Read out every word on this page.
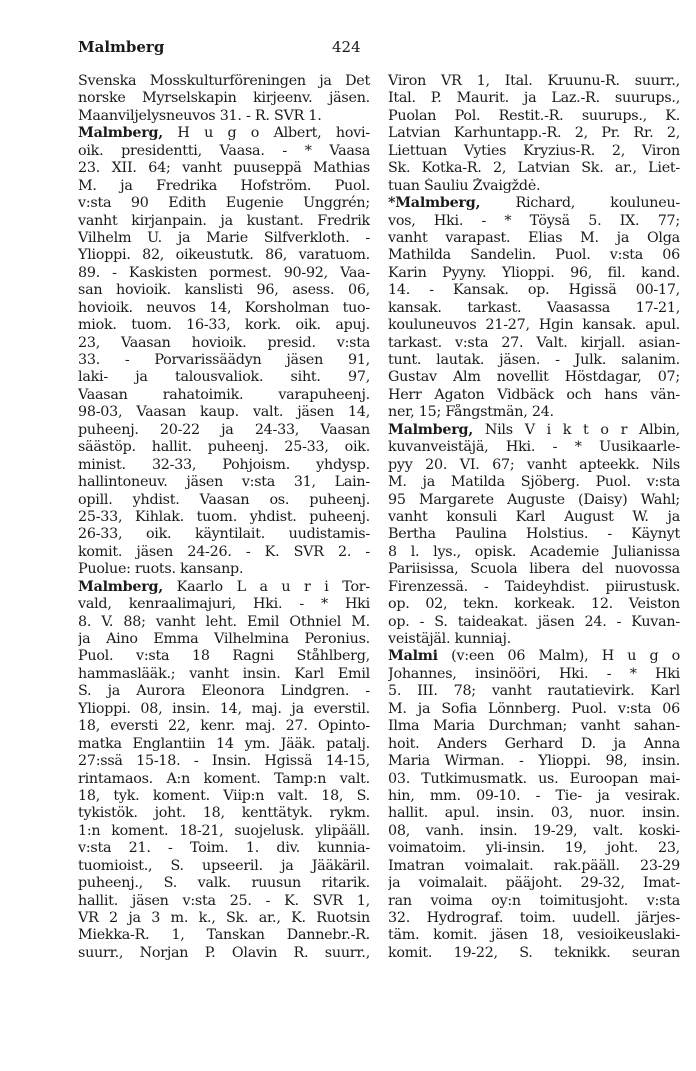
Malmberg	424
Svenska Mosskulturföreningen ja Det
norske Myrselskapin kirjeenv. jäsen.
Maanviljelysneuvos 31. - R. SVR 1.
Malmberg, H u g o Albert, hovi-
oik. presidentti, Vaasa. - * Vaasa
23. XII. 64; vanht puuseppä Mathias
M. ja Fredrika Hofström. Puol.
v:sta 90 Edith Eugenie Unggrén;
vanht kirjanpain. ja kustant. Fredrik
Vilhelm U. ja Marie Silfverkloth. -
Ylioppi. 82, oikeustutk. 86, varatuom.
89. - Kaskisten pormest. 90-92, Vaa-
san hovioik. kanslisti 96, asess. 06,
hovioik. neuvos 14, Korsholman tuo-
miok. tuom. 16-33, kork. oik. apuj.
23, Vaasan hovioik. presid. v:sta
33. - Porvarissäädyn jäsen 91,
laki- ja talousvaliok. siht. 97,
Vaasan rahatoimik. varapuheenj.
98-03, Vaasan kaup. valt. jäsen 14,
puheenj. 20-22 ja 24-33, Vaasan
säästöp. hallit. puheenj. 25-33, oik.
minist. 32-33, Pohjoism. yhdysp.
hallintoneuv. jäsen v:sta 31, Lain-
opill. yhdist. Vaasan os. puheenj.
25-33, Kihlak. tuom. yhdist. puheenj.
26-33, oik. käyntilait. uudistamis-
komit. jäsen 24-26. - K. SVR 2. -
Puolue: ruots. kansanp.
Malmberg, Kaarlo L a u r i Tor-
vald, kenraalimajuri, Hki. - * Hki
8. V. 88; vanht leht. Emil Othniel M.
ja Aino Emma Vilhelmina Peronius.
Puol. v:sta 18 Ragni Ståhlberg,
hammaslääk.; vanht insin. Karl Emil
S. ja Aurora Eleonora Lindgren. -
Ylioppi. 08, insin. 14, maj. ja everstil.
18, eversti 22, kenr. maj. 27. Opinto-
matka Englantiin 14 ym. Jääk. patalj.
27:ssä 15-18. - Insin. Hgissä 14-15,
rintamaos. A:n koment. Tamp:n valt.
18, tyk. koment. Viip:n valt. 18, S.
tykistök. joht. 18, kenttätyk. rykm.
1:n koment. 18-21, suojelusk. ylipääll.
v:sta 21. - Toim. 1. div. kunnia-
tuomioist., S. upseeril. ja Jääkäril.
puheenj., S. valk. ruusun ritarik.
hallit. jäsen v:sta 25. - K. SVR 1,
VR 2 ja 3 m. k., Sk. ar., K. Ruotsin
Miekka-R. 1, Tanskan Dannebr.-R.
suurr., Norjan P. Olavin R. suurr.,
Viron VR 1, Ital. Kruunu-R. suurr.,
Ital. P. Maurit. ja Laz.-R. suurups.,
Puolan Pol. Restit.-R. suurups., K.
Latvian Karhuntapp.-R. 2, Pr. Rr. 2,
Liettuan Vyties Kryzius-R. 2, Viron
Sk. Kotka-R. 2, Latvian Sk. ar., Liet-
tuan Šauliu Žvaigždė.
*Malmberg, Richard, kouluneu-
vos, Hki. - * Töysä 5. IX. 77;
vanht varapast. Elias M. ja Olga
Mathilda Sandelin. Puol. v:sta 06
Karin Pyyny. Ylioppi. 96, fil. kand.
14. - Kansak. op. Hgissä 00-17,
kansak. tarkast. Vaasassa 17-21,
kouluneuvos 21-27, Hgin kansak. apul.
tarkast. v:sta 27. Valt. kirjall. asian-
tunt. lautak. jäsen. - Julk. salanim.
Gustav Alm novellit Höstdagar, 07;
Herr Agaton Vidbäck och hans vän-
ner, 15; Fångstmän, 24.
Malmberg, Nils V i k t o r Albin,
kuvanveistäjä, Hki. - * Uusikaarle-
pyy 20. VI. 67; vanht apteekk. Nils
M. ja Matilda Sjöberg. Puol. v:sta
95 Margarete Auguste (Daisy) Wahl;
vanht konsuli Karl August W. ja
Bertha Paulina Holstius. - Käynyt
8 l. lys., opisk. Academie Julianissa
Pariisissa, Scuola libera del nuovossa
Firenzessä. - Taideyhdist. piirustusk.
op. 02, tekn. korkeak. 12. Veiston
op. - S. taideakat. jäsen 24. - Kuvan-
veistäjäl. kunniaj.
Malmi (v:een 06 Malm), H u g o
Johannes, insinööri, Hki. - * Hki
5. III. 78; vanht rautatievirk. Karl
M. ja Sofia Lönnberg. Puol. v:sta 06
Ilma Maria Durchman; vanht sahan-
hoit. Anders Gerhard D. ja Anna
Maria Wirman. - Ylioppi. 98, insin.
03. Tutkimusmatk. us. Euroopan mai-
hin, mm. 09-10. - Tie- ja vesirak.
hallit. apul. insin. 03, nuor. insin.
08, vanh. insin. 19-29, valt. koski-
voimatoim. yli-insin. 19, joht. 23,
Imatran voimalait. rak.pääll. 23-29
ja voimalait. pääjoht. 29-32, Imat-
ran voima oy:n toimitusjoht. v:sta
32. Hydrograf. toim. uudell. järjes-
täm. komit. jäsen 18, vesioikeuslaki-
komit. 19-22, S. teknikk. seuran
